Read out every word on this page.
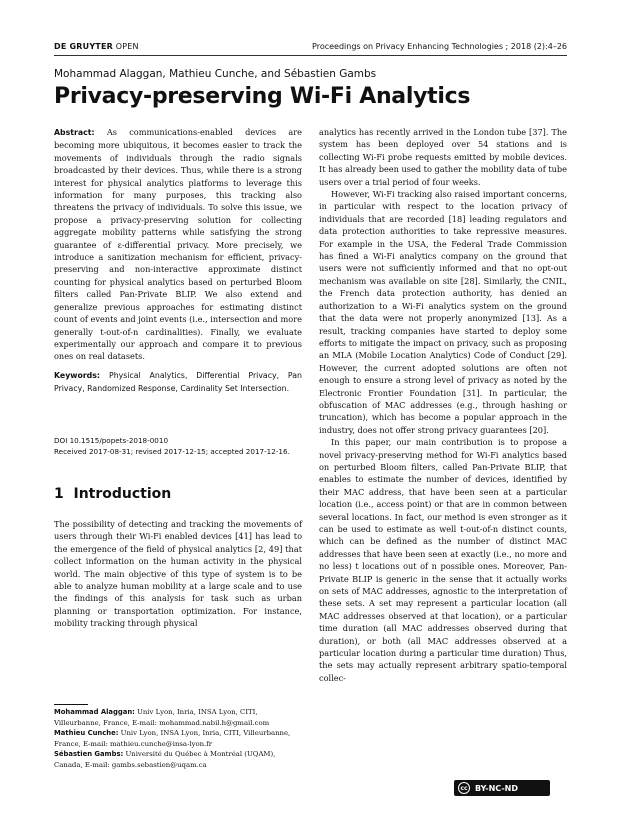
DE GRUYTER OPEN	Proceedings on Privacy Enhancing Technologies ; 2018 (2):4–26
Mohammad Alaggan, Mathieu Cunche, and Sébastien Gambs
Privacy-preserving Wi-Fi Analytics

Abstract: As communications-enabled devices are becoming more ubiquitous, it becomes easier to track the movements of individuals through the radio signals broadcasted by their devices. Thus, while there is a strong interest for physical analytics platforms to leverage this information for many purposes, this tracking also threatens the privacy of individuals. To solve this issue, we propose a privacy-preserving solution for collecting aggregate mobility patterns while satisfying the strong guarantee of ε-differential privacy. More precisely, we introduce a sanitization mechanism for efficient, privacy-preserving and non-interactive approximate distinct counting for physical analytics based on perturbed Bloom filters called Pan-Private BLIP. We also extend and generalize previous approaches for estimating distinct count of events and joint events (i.e., intersection and more generally t-out-of-n cardinalities). Finally, we evaluate experimentally our approach and compare it to previous ones on real datasets.

Keywords: Physical Analytics, Differential Privacy, Pan Privacy, Randomized Response, Cardinality Set Intersection.

DOI 10.1515/popets-2018-0010
Received 2017-08-31; revised 2017-12-15; accepted 2017-12-16.
1 Introduction
The possibility of detecting and tracking the movements of users through their Wi-Fi enabled devices [41] has lead to the emergence of the field of physical analytics [2, 49] that collect information on the human activity in the physical world. The main objective of this type of system is to be able to analyze human mobility at a large scale and to use the findings of this analysis for task such as urban planning or transportation optimization. For instance, mobility tracking through physical
Mohammad Alaggan: Univ Lyon, Inria, INSA Lyon, CITI, Villeurbanne, France, E-mail: mohammad.nabil.h@gmail.com
Mathieu Cunche: Univ Lyon, INSA Lyon, Inria, CITI, Villeurbanne, France, E-mail: mathieu.cunche@insa-lyon.fr
Sébastien Gambs: Université du Québec à Montréal (UQAM), Canada, E-mail: gambs.sebastien@uqam.ca

analytics has recently arrived in the London tube [37]. The system has been deployed over 54 stations and is collecting Wi-Fi probe requests emitted by mobile devices. It has already been used to gather the mobility data of tube users over a trial period of four weeks.

However, Wi-Fi tracking also raised important concerns, in particular with respect to the location privacy of individuals that are recorded [18] leading regulators and data protection authorities to take repressive measures. For example in the USA, the Federal Trade Commission has fined a Wi-Fi analytics company on the ground that users were not sufficiently informed and that no opt-out mechanism was available on site [28]. Similarly, the CNIL, the French data protection authority, has denied an authorization to a Wi-Fi analytics system on the ground that the data were not properly anonymized [13]. As a result, tracking companies have started to deploy some efforts to mitigate the impact on privacy, such as proposing an MLA (Mobile Location Analytics) Code of Conduct [29]. However, the current adopted solutions are often not enough to ensure a strong level of privacy as noted by the Electronic Frontier Foundation [31]. In particular, the obfuscation of MAC addresses (e.g., through hashing or truncation), which has become a popular approach in the industry, does not offer strong privacy guarantees [20].

In this paper, our main contribution is to propose a novel privacy-preserving method for Wi-Fi analytics based on perturbed Bloom filters, called Pan-Private BLIP, that enables to estimate the number of devices, identified by their MAC address, that have been seen at a particular location (i.e., access point) or that are in common between several locations. In fact, our method is even stronger as it can be used to estimate as well t-out-of-n distinct counts, which can be defined as the number of distinct MAC addresses that have been seen at exactly (i.e., no more and no less) t locations out of n possible ones. Moreover, Pan-Private BLIP is generic in the sense that it actually works on sets of MAC addresses, agnostic to the interpretation of these sets. A set may represent a particular location (all MAC addresses observed at that location), or a particular time duration (all MAC addresses observed during that duration), or both (all MAC addresses observed at a particular location during a particular time duration) Thus, the sets may actually represent arbitrary spatio-temporal collec-

cc BY-NC-ND
